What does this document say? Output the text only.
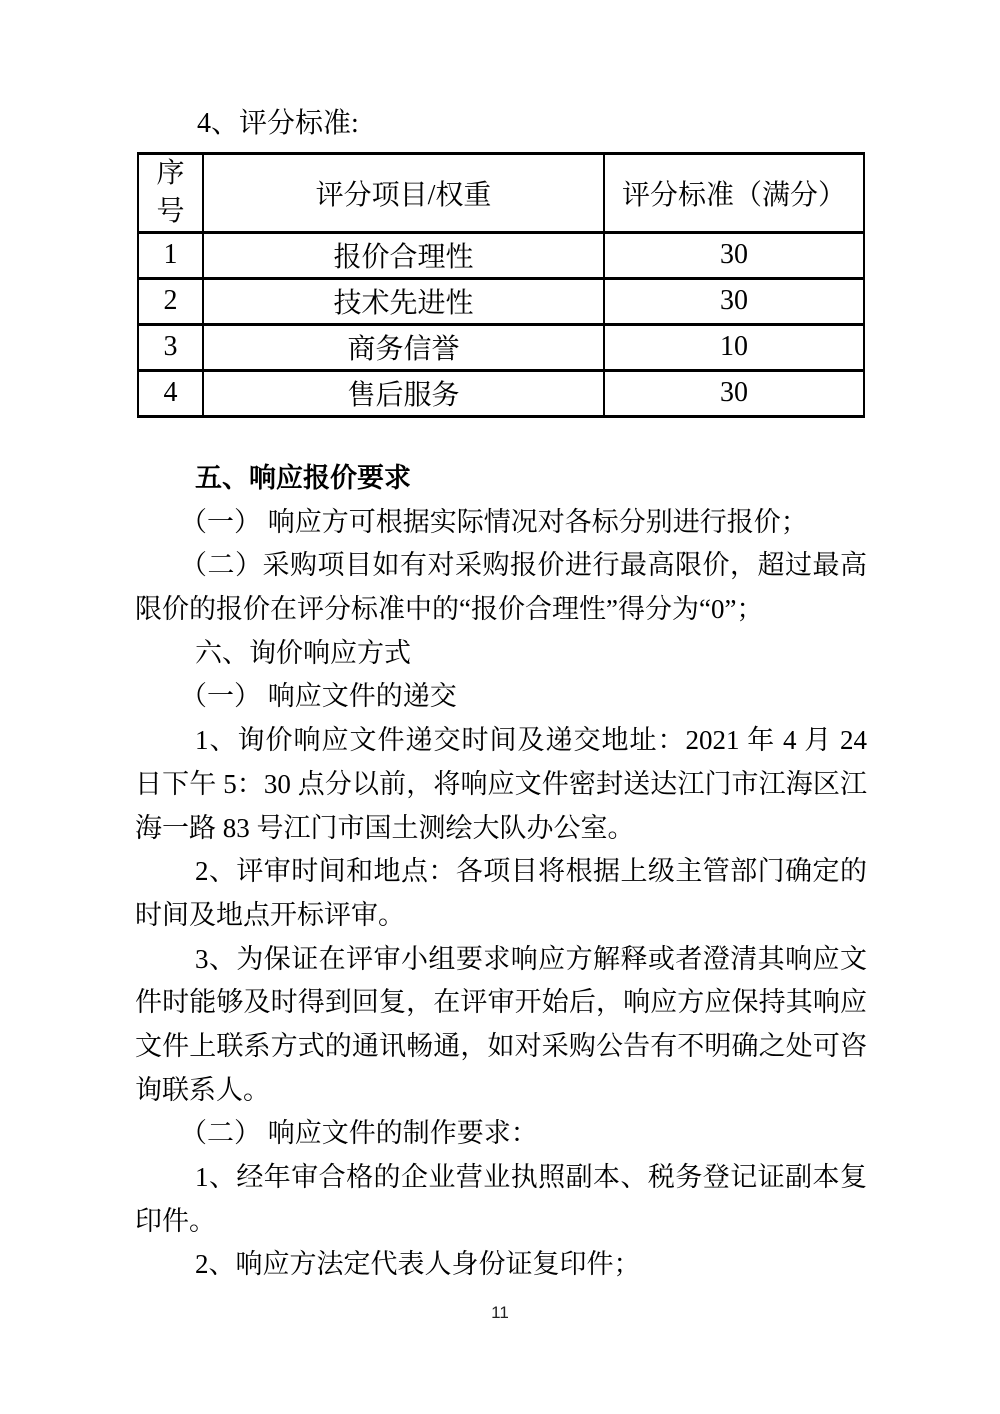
4、评分标准:
序号	评分项目/权重	评分标准（满分）
1	报价合理性	30
2	技术先进性	30
3	商务信誉	10
4	售后服务	30
五、响应报价要求
（一） 响应方可根据实际情况对各标分别进行报价；
（二）采购项目如有对采购报价进行最高限价，超过最高
限价的报价在评分标准中的“报价合理性”得分为“0”；
六、询价响应方式
（一） 响应文件的递交
1、询价响应文件递交时间及递交地址：2021 年 4 月 24
日下午 5：30 点分以前，将响应文件密封送达江门市江海区江
海一路 83 号江门市国土测绘大队办公室。
2、评审时间和地点：各项目将根据上级主管部门确定的
时间及地点开标评审。
3、为保证在评审小组要求响应方解释或者澄清其响应文
件时能够及时得到回复，在评审开始后，响应方应保持其响应
文件上联系方式的通讯畅通，如对采购公告有不明确之处可咨
询联系人。
（二） 响应文件的制作要求：
1、经年审合格的企业营业执照副本、税务登记证副本复
印件。
2、响应方法定代表人身份证复印件；
11
